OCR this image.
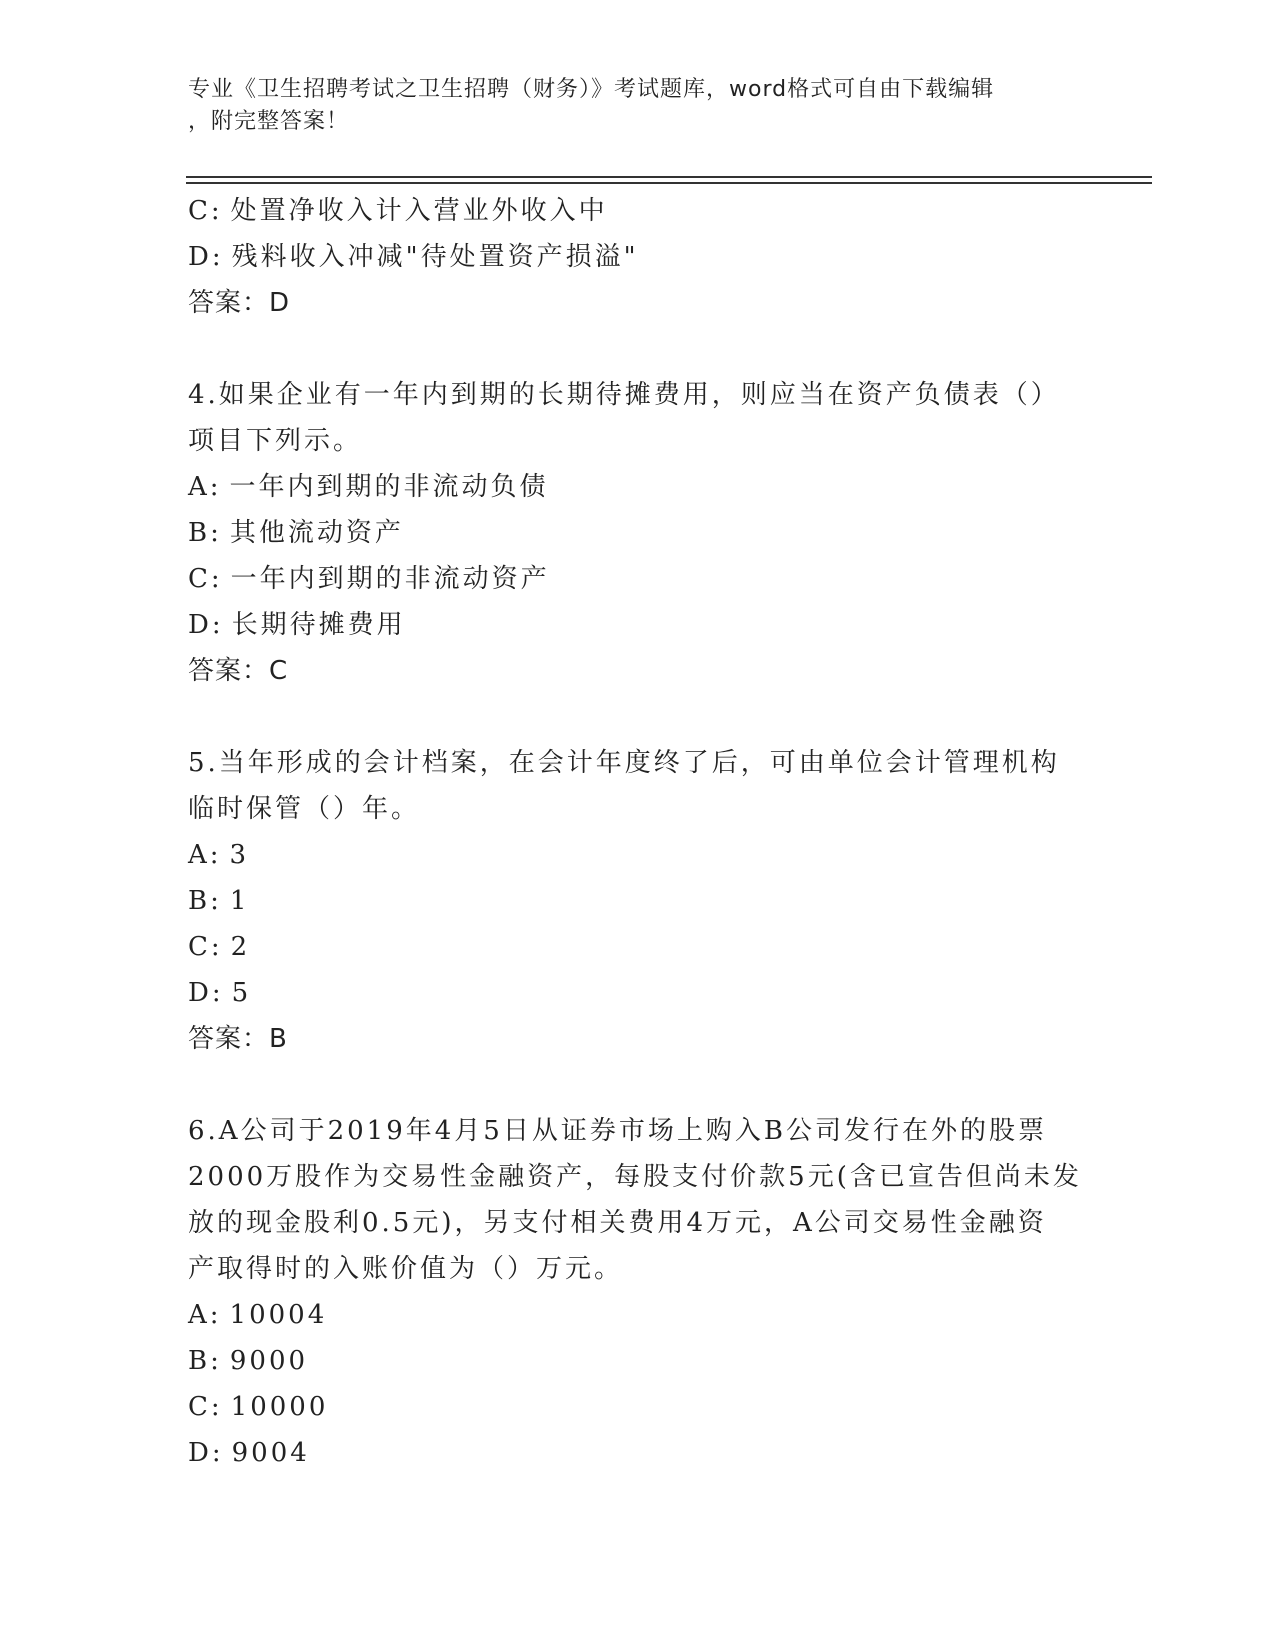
专业《卫生招聘考试之卫生招聘（财务）》考试题库，word格式可自由下载编辑
，附完整答案！
C: 处置净收入计入营业外收入中
D: 残料收入冲减"待处置资产损溢"
答案：D
4.如果企业有一年内到期的长期待摊费用，则应当在资产负债表（）
项目下列示。
A: 一年内到期的非流动负债
B: 其他流动资产
C: 一年内到期的非流动资产
D: 长期待摊费用
答案：C
5.当年形成的会计档案，在会计年度终了后，可由单位会计管理机构
临时保管（）年。
A: 3
B: 1
C: 2
D: 5
答案：B
6.A公司于2019年4月5日从证券市场上购入B公司发行在外的股票
2000万股作为交易性金融资产，每股支付价款5元(含已宣告但尚未发
放的现金股利0.5元)，另支付相关费用4万元，A公司交易性金融资
产取得时的入账价值为（）万元。
A: 10004
B: 9000
C: 10000
D: 9004
